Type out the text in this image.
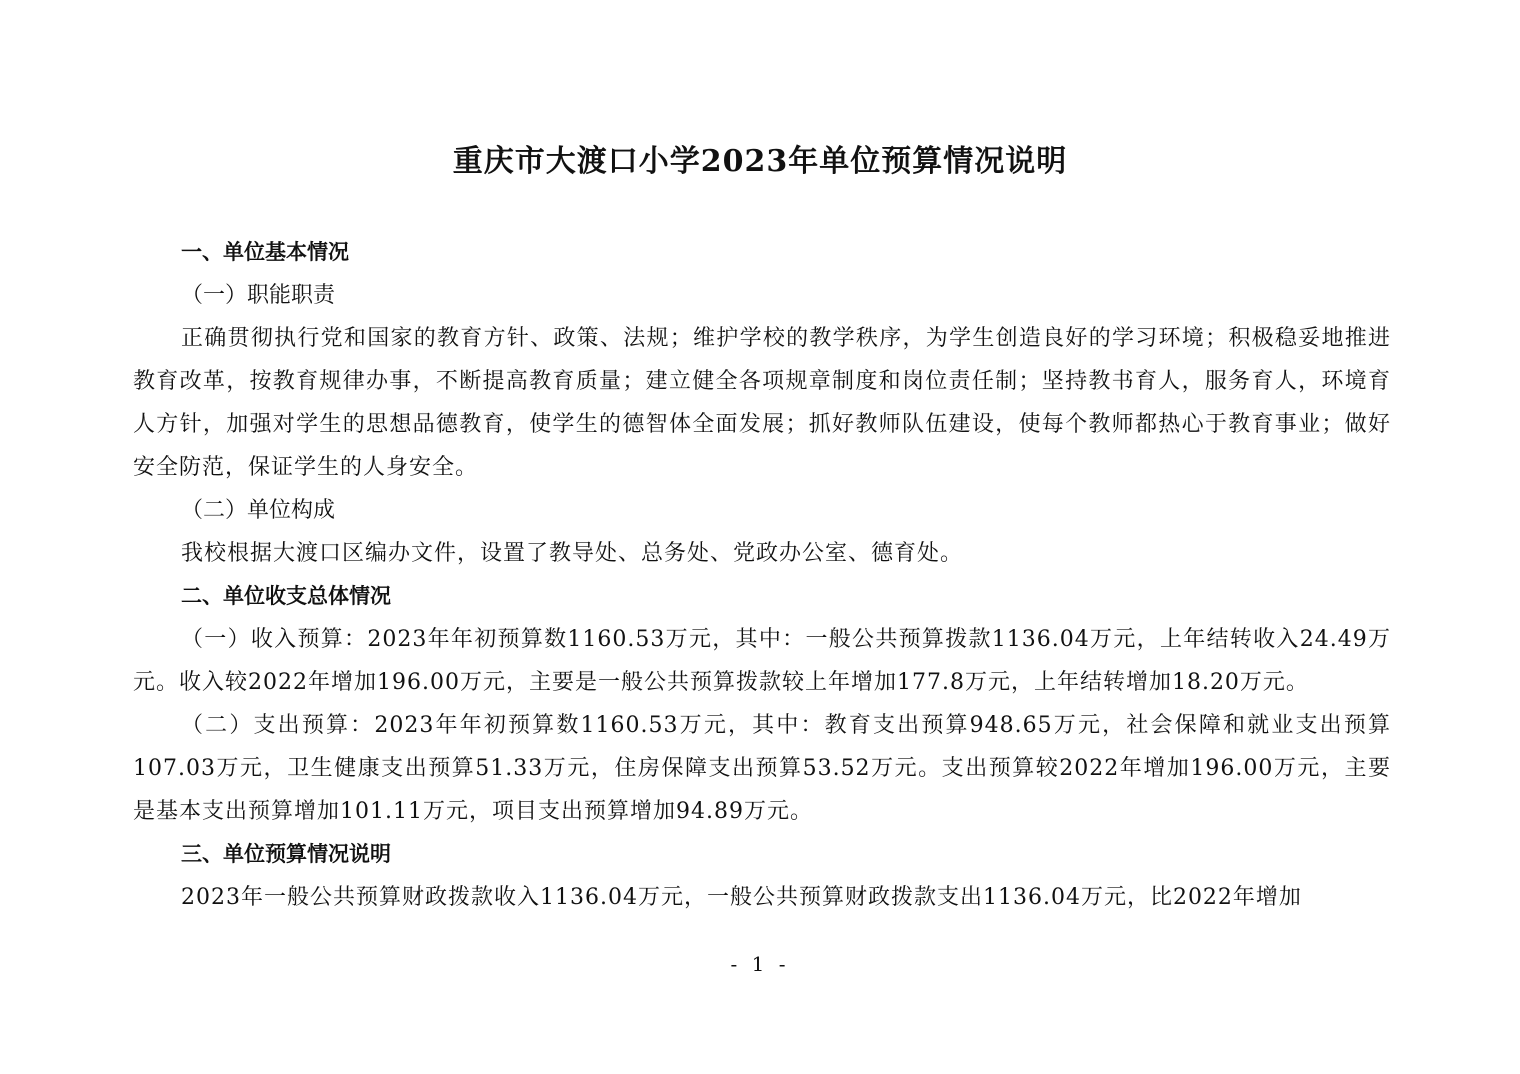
重庆市大渡口小学2023年单位预算情况说明

一、单位基本情况

（一）职能职责

正确贯彻执行党和国家的教育方针、政策、法规；维护学校的教学秩序，为学生创造良好的学习环境；积极稳妥地推进教育改革，按教育规律办事，不断提高教育质量；建立健全各项规章制度和岗位责任制；坚持教书育人，服务育人，环境育人方针，加强对学生的思想品德教育，使学生的德智体全面发展；抓好教师队伍建设，使每个教师都热心于教育事业；做好安全防范，保证学生的人身安全。

（二）单位构成

我校根据大渡口区编办文件，设置了教导处、总务处、党政办公室、德育处。

二、单位收支总体情况

（一）收入预算：2023年年初预算数1160.53万元，其中：一般公共预算拨款1136.04万元，上年结转收入24.49万元。收入较2022年增加196.00万元，主要是一般公共预算拨款较上年增加177.8万元，上年结转增加18.20万元。

（二）支出预算：2023年年初预算数1160.53万元，其中：教育支出预算948.65万元，社会保障和就业支出预算107.03万元，卫生健康支出预算51.33万元，住房保障支出预算53.52万元。支出预算较2022年增加196.00万元，主要是基本支出预算增加101.11万元，项目支出预算增加94.89万元。

三、单位预算情况说明

2023年一般公共预算财政拨款收入1136.04万元，一般公共预算财政拨款支出1136.04万元，比2022年增加

- 1 -
